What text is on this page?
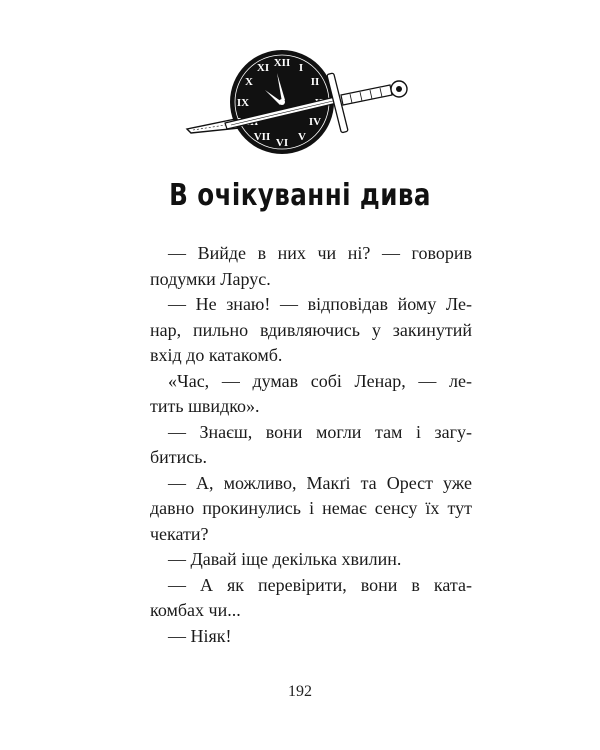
XII I
II
IV
V
VI
VII
IX
X
XI
В очікуванні дива
— Вийде в них чи ні? — говорив
подумки Ларус.
— Не знаю! — відповідав йому Ле-
нар, пильно вдивляючись у закинутий
вхід до катакомб.
«Час, — думав собі Ленар, — ле-
тить швидко».
— Знаєш, вони могли там і загу-
битись.
— А, можливо, Макґі та Орест уже
давно прокинулись і немає сенсу їх тут
чекати?
— Давай іще декілька хвилин.
— А як перевірити, вони в ката-
комбах чи...
— Ніяк!
192
